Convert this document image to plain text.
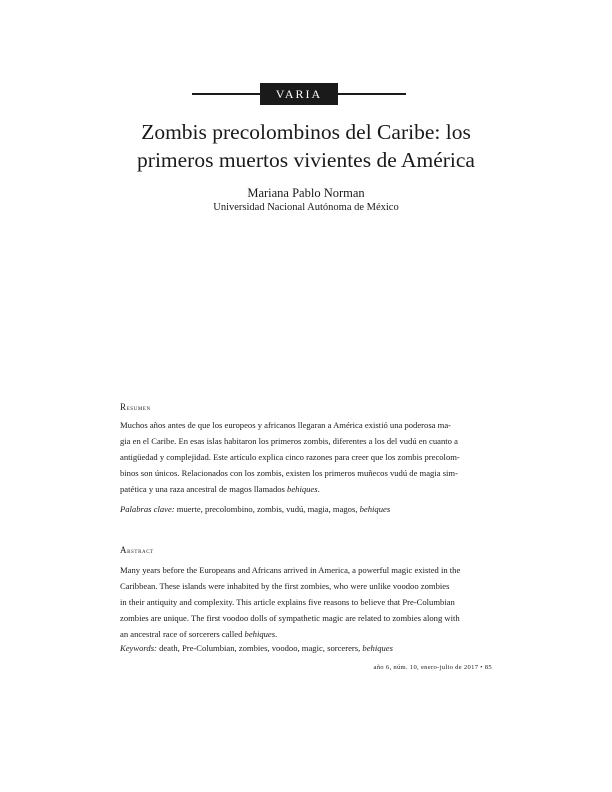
VARIA
Zombis precolombinos del Caribe: los
primeros muertos vivientes de América
Mariana Pablo Norman
Universidad Nacional Autónoma de México
Resumen

Muchos años antes de que los europeos y africanos llegaran a América existió una poderosa ma-
gia en el Caribe. En esas islas habitaron los primeros zombis, diferentes a los del vudú en cuanto a
antigüedad y complejidad. Este artículo explica cinco razones para creer que los zombis precolom-
binos son únicos. Relacionados con los zombis, existen los primeros muñecos vudú de magia sim-
patética y una raza ancestral de magos llamados behiques.

Palabras clave: muerte, precolombino, zombis, vudú, magia, magos, behiques

Abstract

Many years before the Europeans and Africans arrived in America, a powerful magic existed in the
Caribbean. These islands were inhabited by the first zombies, who were unlike voodoo zombies
in their antiquity and complexity. This article explains five reasons to believe that Pre-Columbian
zombies are unique. The first voodoo dolls of sympathetic magic are related to zombies along with
an ancestral race of sorcerers called behiques.

Keywords: death, Pre-Columbian, zombies, voodoo, magic, sorcerers, behiques

año 6, núm. 10, enero-julio de 2017 • 85
